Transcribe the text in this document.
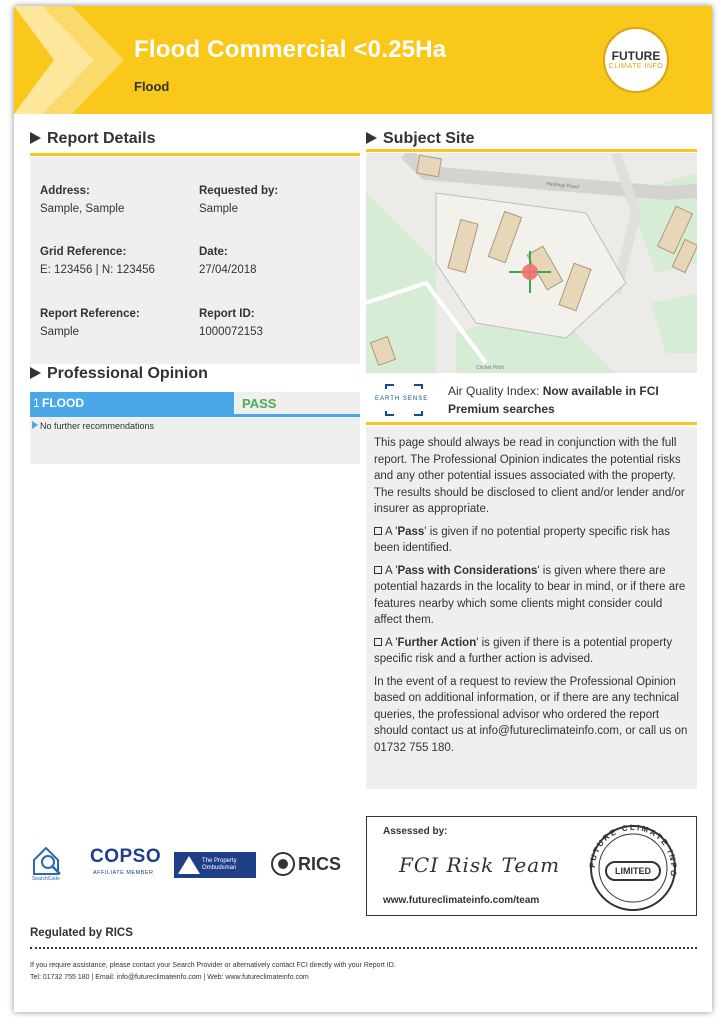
Flood Commercial <0.25Ha
Flood
FUTURE
CLIMATE INFO
Report Details
Address:
Sample, Sample
Requested by:
Sample
Grid Reference:
E: 123456 | N: 123456
Date:
27/04/2018
Report Reference:
Sample
Report ID:
1000072153
Professional Opinion
1 FLOOD	PASS
No further recommendations
Subject Site
Hastings Road
Cricket Pitch
EARTH SENSE
Air Quality Index: Now available in FCI Premium searches

This page should always be read in conjunction with the full report. The Professional Opinion indicates the potential risks and any other potential issues associated with the property. The results should be disclosed to client and/or lender and/or insurer as appropriate.

A 'Pass' is given if no potential property specific risk has been identified.

A 'Pass with Considerations' is given where there are potential hazards in the locality to bear in mind, or if there are features nearby which some clients might consider could affect them.

A 'Further Action' is given if there is a potential property specific risk and a further action is advised.

In the event of a request to review the Professional Opinion based on additional information, or if there are any technical queries, the professional advisor who ordered the report should contact us at info@futureclimateinfo.com, or call us on 01732 755 180.

SearchCode
COPSO
AFFILIATE MEMBER
The Property Ombudsman	RICS
Assessed by:
FCI Risk Team
www.futureclimateinfo.com/team
FUTURE CLIMATE INFO
LIMITED
Regulated by RICS
If you require assistance, please contact your Search Provider or alternatively contact FCI directly with your Report ID.
Tel: 01732 755 180 | Email: info@futureclimateinfo.com | Web: www.futureclimateinfo.com
